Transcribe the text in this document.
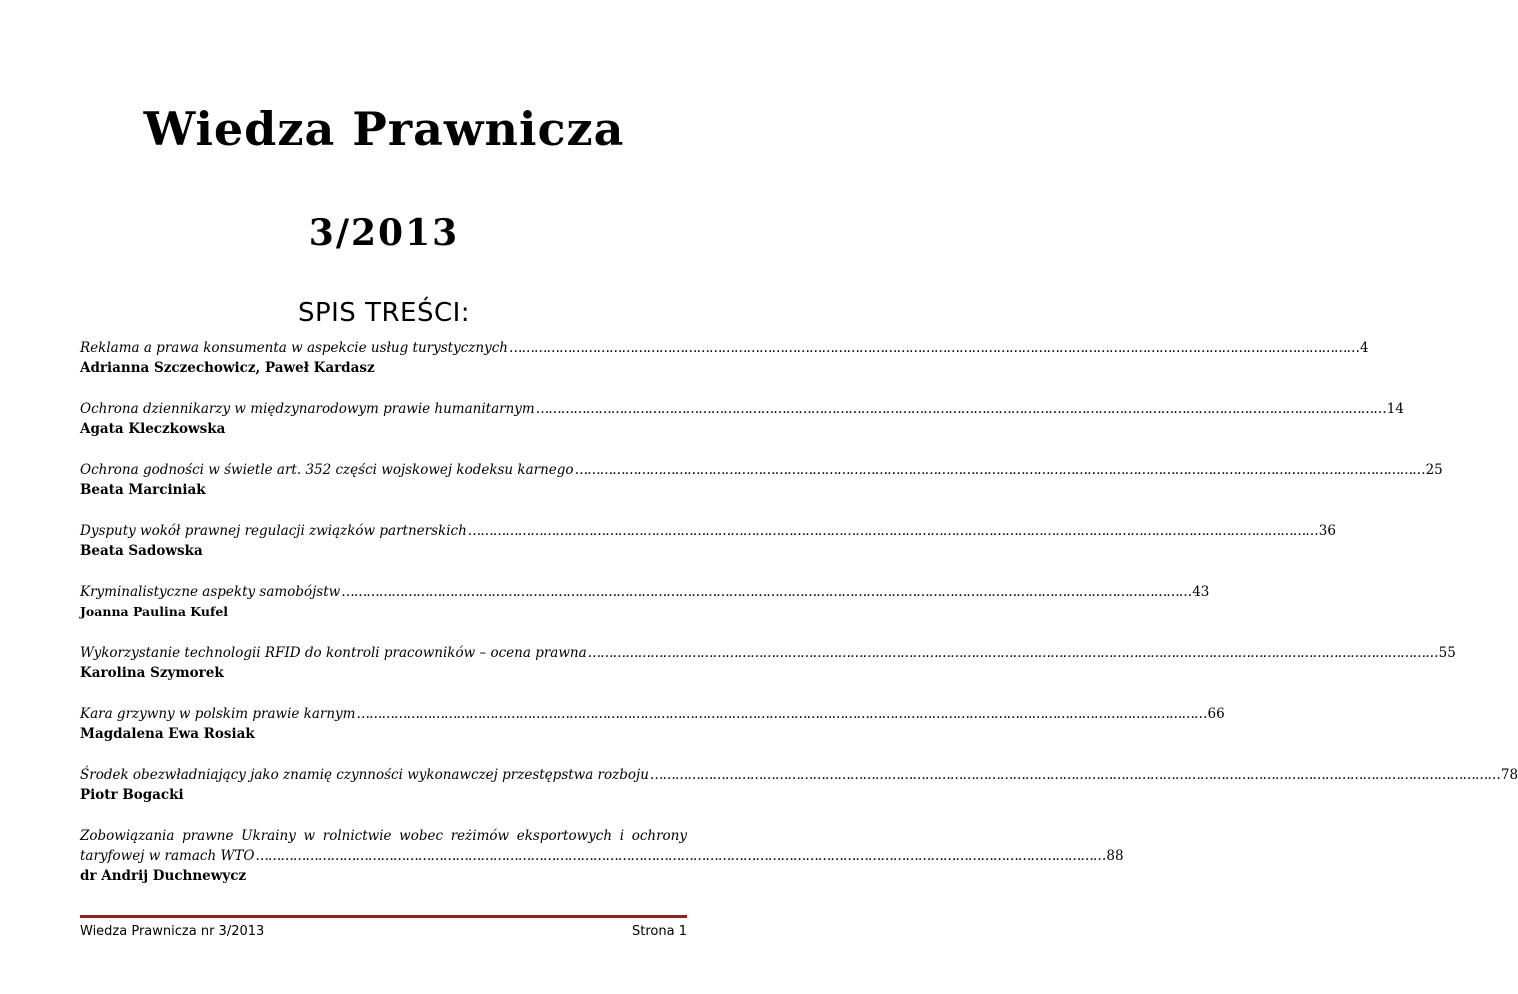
Wiedza Prawnicza
3/2013
SPIS TREŚCI:
Reklama a prawa konsumenta w aspekcie usług turystycznych ……………………………………………………………………………………………………………………………………………………………………………………	4
Adrianna Szczechowicz, Paweł Kardasz
Ochrona dziennikarzy w międzynarodowym prawie humanitarnym ……………………………………………………………………………………………………………………………………………………………………………………	14
Agata Kleczkowska
Ochrona godności w świetle art. 352 części wojskowej kodeksu karnego ……………………………………………………………………………………………………………………………………………………………………………………	25
Beata Marciniak
Dysputy wokół prawnej regulacji związków partnerskich ……………………………………………………………………………………………………………………………………………………………………………………	36
Beata Sadowska
Kryminalistyczne aspekty samobójstw ……………………………………………………………………………………………………………………………………………………………………………………	43
Joanna Paulina Kufel
Wykorzystanie technologii RFID do kontroli pracowników – ocena prawna ……………………………………………………………………………………………………………………………………………………………………………………	55
Karolina Szymorek
Kara grzywny w polskim prawie karnym ……………………………………………………………………………………………………………………………………………………………………………………	66
Magdalena Ewa Rosiak
Środek obezwładniający jako znamię czynności wykonawczej przestępstwa rozboju ……………………………………………………………………………………………………………………………………………………………………………………	78
Piotr Bogacki
Zobowiązania prawne Ukrainy w rolnictwie wobec reżimów eksportowych i ochrony
taryfowej w ramach WTO ……………………………………………………………………………………………………………………………………………………………………………………	88
dr Andrij Duchnewycz
Wiedza Prawnicza nr 3/2013	Strona 1
